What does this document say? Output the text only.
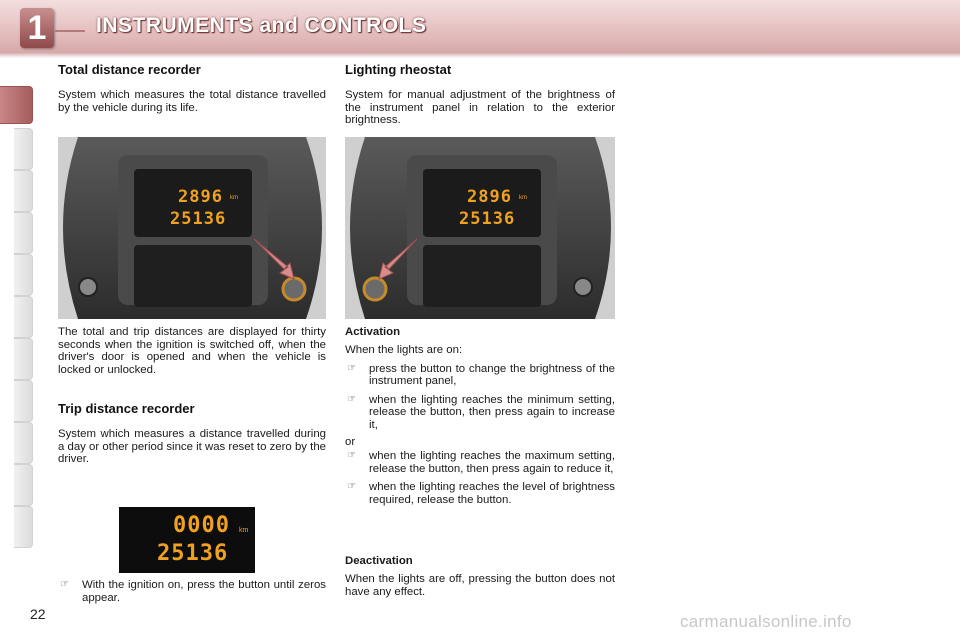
1	INSTRUMENTS and CONTROLS
Total distance recorder

System which measures the total distance travelled by the vehicle during its life.

2896 km
25136

The total and trip distances are displayed for thirty seconds when the ignition is switched off, when the driver's door is opened and when the vehicle is locked or unlocked.

Trip distance recorder

System which measures a distance travelled during a day or other period since it was reset to zero by the driver.

0000 km
25136

☞ With the ignition on, press the button until zeros appear.

Lighting rheostat

System for manual adjustment of the brightness of the instrument panel in relation to the exterior brightness.

2896 km
25136
Activation

When the lights are on:

☞ press the button to change the brightness of the instrument panel,

☞ when the lighting reaches the minimum setting, release the button, then press again to increase it,

or

☞ when the lighting reaches the maximum setting, release the button, then press again to reduce it,

☞ when the lighting reaches the level of brightness required, release the button.

Deactivation

When the lights are off, pressing the button does not have any effect.

22	carmanualsonline.info
